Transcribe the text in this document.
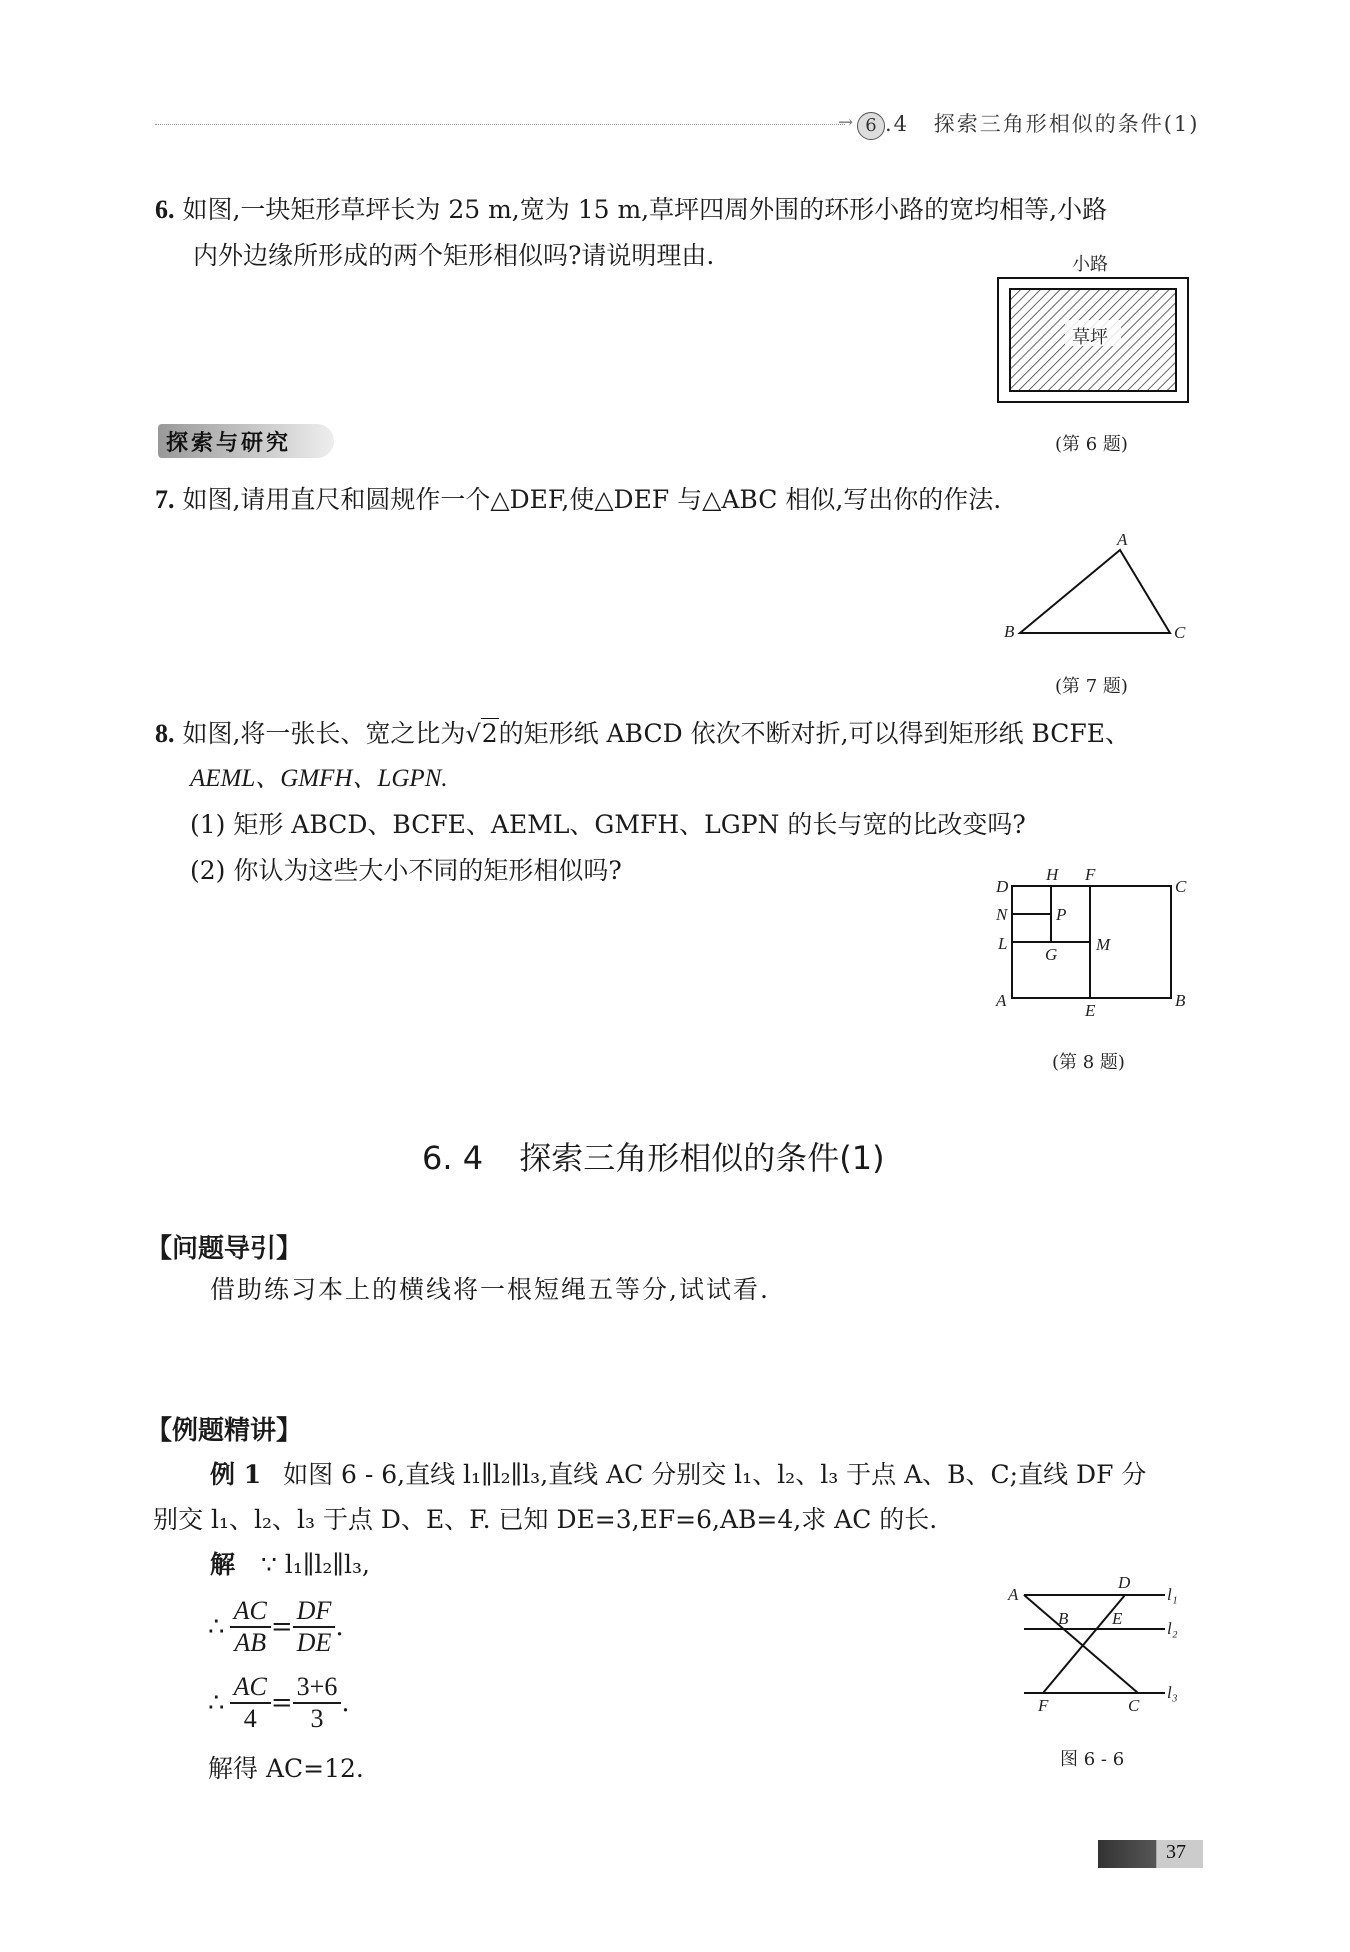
→ 6 .4 探索三角形相似的条件(1)
6. 如图,一块矩形草坪长为 25 m,宽为 15 m,草坪四周外围的环形小路的宽均相等,小路
内外边缘所形成的两个矩形相似吗?请说明理由.	小路
草坪
探索与研究	(第 6 题)
7. 如图,请用直尺和圆规作一个△DEF,使△DEF 与△ABC 相似,写出你的作法.
A
B	C
(第 7 题)
8. 如图,将一张长、宽之比为√2的矩形纸 ABCD 依次不断对折,可以得到矩形纸 BCFE、
AEML、GMFH、LGPN.
(1) 矩形 ABCD、BCFE、AEML、GMFH、LGPN 的长与宽的比改变吗?
(2) 你认为这些大小不同的矩形相似吗?
D
H F
C
N	P
L
G
M
A
E
B
(第 8 题)
6. 4 探索三角形相似的条件(1)
【问题导引】
借助练习本上的横线将一根短绳五等分,试试看.
【例题精讲】
例 1 如图 6 - 6,直线 l₁∥l₂∥l₃,直线 AC 分别交 l₁、l₂、l₃ 于点 A、B、C;直线 DF 分
别交 l₁、l₂、l₃ 于点 D、E、F. 已知 DE=3,EF=6,AB=4,求 AC 的长.
解 ∵ l₁∥l₂∥l₃,
∴ $\frac{AC}{AB} = \frac{DF}{DE}$ .
∴ $\frac{AC}{4} = \frac{3+6}{3}$ .
解得 AC=12.
A
D
l₁
B	E
l₂
F	C
l₃
图 6 - 6
37
